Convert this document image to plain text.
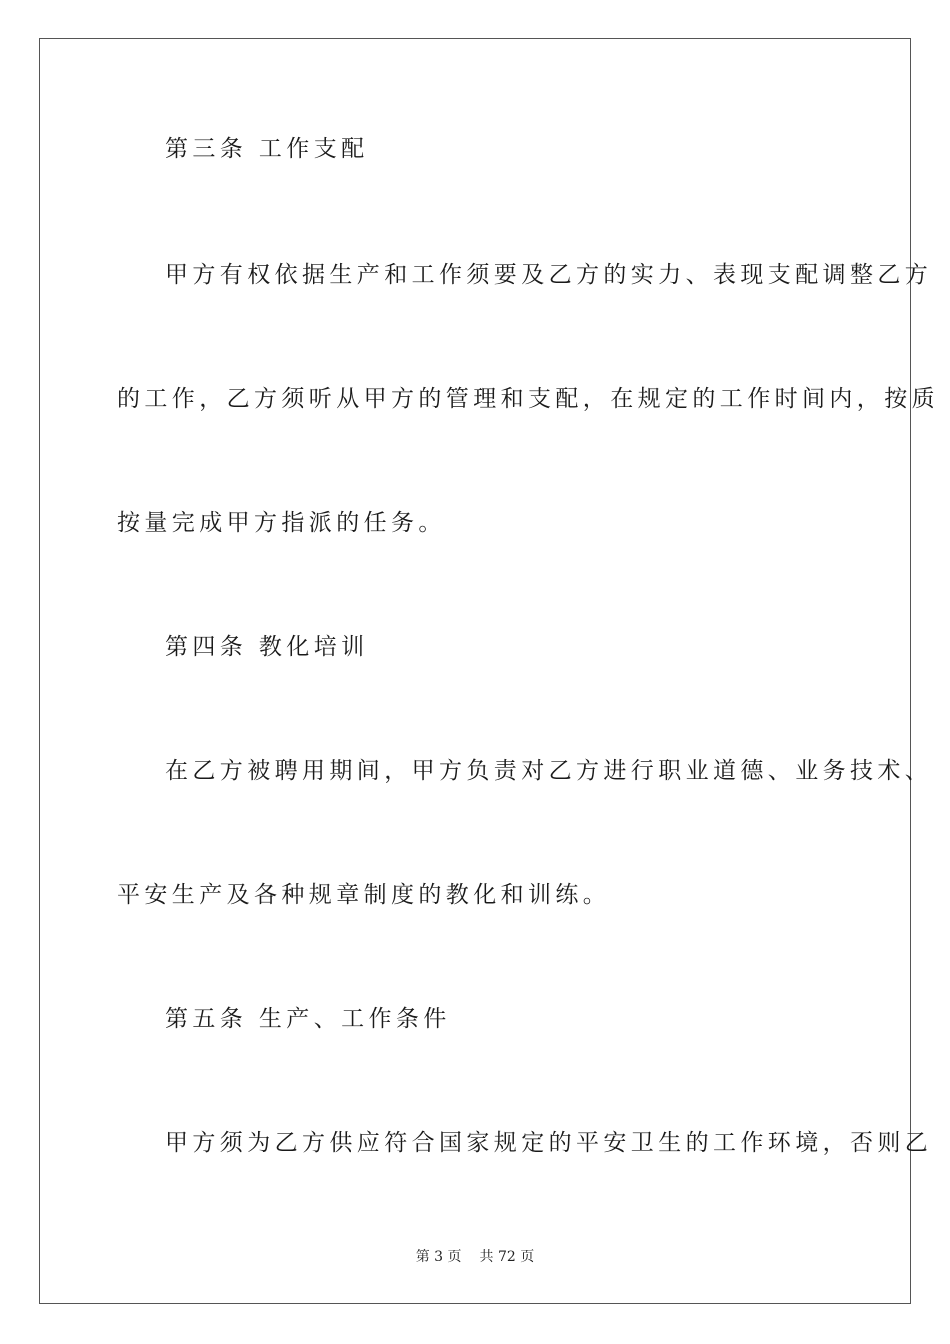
第三条 工作支配
甲方有权依据生产和工作须要及乙方的实力、表现支配调整乙方
的工作，乙方须听从甲方的管理和支配，在规定的工作时间内，按质
按量完成甲方指派的任务。
第四条 教化培训
在乙方被聘用期间，甲方负责对乙方进行职业道德、业务技术、
平安生产及各种规章制度的教化和训练。
第五条 生产、工作条件
甲方须为乙方供应符合国家规定的平安卫生的工作环境，否则乙
第 3 页 共 72 页
